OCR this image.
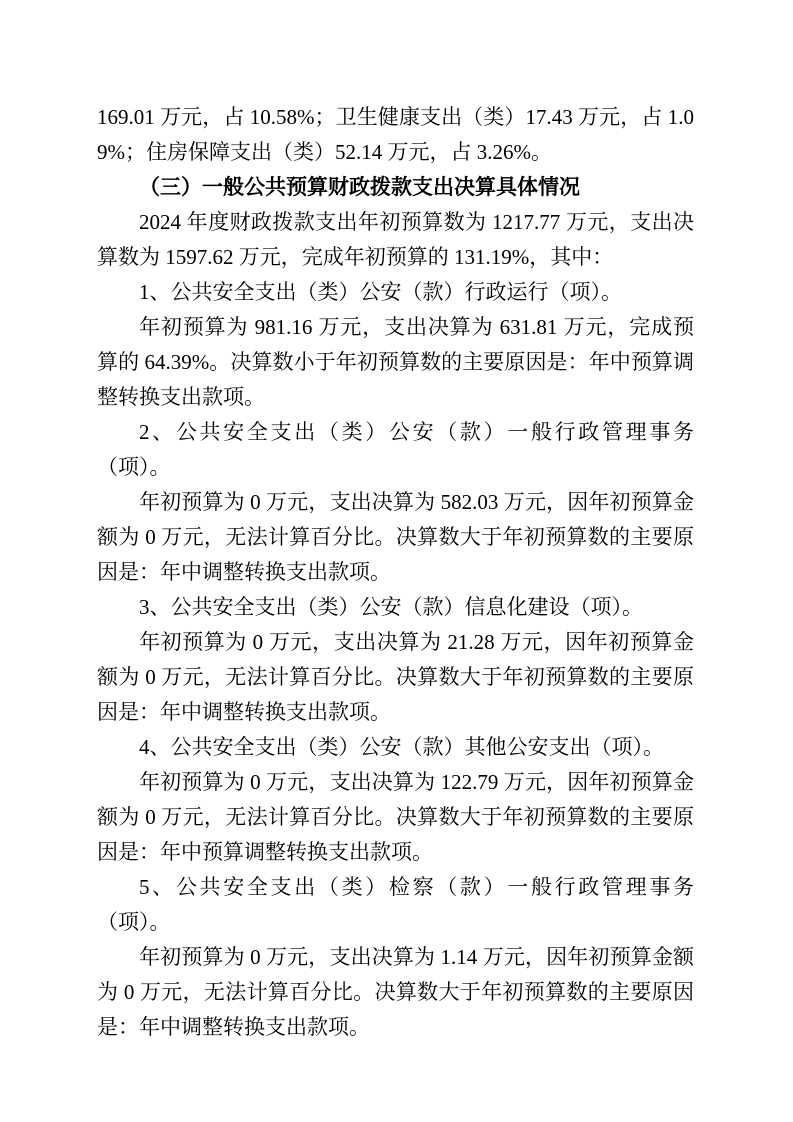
169.01 万元，占 10.58%；卫生健康支出（类）17.43 万元，占 1.09%；住房保障支出（类）52.14 万元，占 3.26%。

（三）一般公共预算财政拨款支出决算具体情况

2024 年度财政拨款支出年初预算数为 1217.77 万元，支出决算数为 1597.62 万元，完成年初预算的 131.19%，其中：

1、公共安全支出（类）公安（款）行政运行（项）。

年初预算为 981.16 万元，支出决算为 631.81 万元，完成预算的 64.39%。决算数小于年初预算数的主要原因是：年中预算调整转换支出款项。

2、公共安全支出（类）公安（款）一般行政管理事务（项）。

年初预算为 0 万元，支出决算为 582.03 万元，因年初预算金额为 0 万元，无法计算百分比。决算数大于年初预算数的主要原因是：年中调整转换支出款项。

3、公共安全支出（类）公安（款）信息化建设（项）。

年初预算为 0 万元，支出决算为 21.28 万元，因年初预算金额为 0 万元，无法计算百分比。决算数大于年初预算数的主要原因是：年中调整转换支出款项。

4、公共安全支出（类）公安（款）其他公安支出（项）。

年初预算为 0 万元，支出决算为 122.79 万元，因年初预算金额为 0 万元，无法计算百分比。决算数大于年初预算数的主要原因是：年中预算调整转换支出款项。

5、公共安全支出（类）检察（款）一般行政管理事务（项）。

年初预算为 0 万元，支出决算为 1.14 万元，因年初预算金额为 0 万元，无法计算百分比。决算数大于年初预算数的主要原因是：年中调整转换支出款项。
